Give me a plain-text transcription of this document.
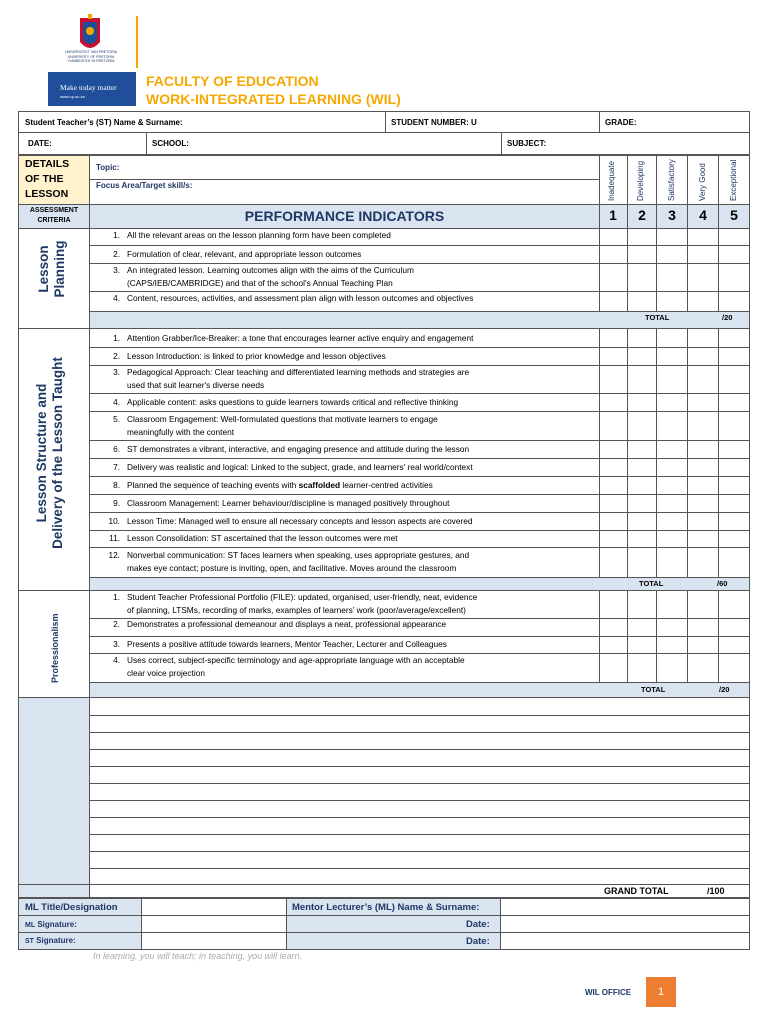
UNIVERSITEIT VAN PRETORIA
UNIVERSITY OF PRETORIA
YUNIBESITHI YA PRETORIA
Make today matter
www.up.ac.za
FACULTY OF EDUCATION
WORK-INTEGRATED LEARNING (WIL)
Student Teacher’s (ST) Name & Surname:	STUDENT NUMBER: U	GRADE:
DATE:	SCHOOL:	SUBJECT:
DETAILS
OF THE
LESSON
Topic:
Focus Area/Target skill/s:	Inadequate	Developing	Satisfactory	Very Good	Exceptional
ASSESSMENT
CRITERIA	PERFORMANCE INDICATORS	1	2	3	4	5
Lesson Planning
1. All the relevant areas on the lesson planning form have been completed
2. Formulation of clear, relevant, and appropriate lesson outcomes
3. An integrated lesson. Learning outcomes align with the aims of the Curriculum
(CAPS/IEB/CAMBRIDGE) and that of the school's Annual Teaching Plan
4. Content, resources, activities, and assessment plan align with lesson outcomes and objectives
TOTAL	/20
Lesson Structure and Delivery of the Lesson Taught
1. Attention Grabber/Ice-Breaker: a tone that encourages learner active enquiry and engagement
2. Lesson Introduction: is linked to prior knowledge and lesson objectives
3. Pedagogical Approach: Clear teaching and differentiated learning methods and strategies are
used that suit learner's diverse needs
4. Applicable content: asks questions to guide learners towards critical and reflective thinking
5. Classroom Engagement: Well-formulated questions that motivate learners to engage
meaningfully with the content
6. ST demonstrates a vibrant, interactive, and engaging presence and attitude during the lesson
7. Delivery was realistic and logical: Linked to the subject, grade, and learners' real world/context
8. Planned the sequence of teaching events with scaffolded learner-centred activities
9. Classroom Management: Learner behaviour/discipline is managed positively throughout
10. Lesson Time: Managed well to ensure all necessary concepts and lesson aspects are covered
11. Lesson Consolidation: ST ascertained that the lesson outcomes were met
12. Nonverbal communication: ST faces learners when speaking, uses appropriate gestures, and
makes eye contact; posture is inviting, open, and facilitative. Moves around the classroom
TOTAL	/60
Professionalism
1. Student Teacher Professional Portfolio (FILE): updated, organised, user-friendly, neat, evidence
of planning, LTSMs, recording of marks, examples of learners’ work (poor/average/excellent)
2. Demonstrates a professional demeanour and displays a neat, professional appearance
3. Presents a positive attitude towards learners, Mentor Teacher, Lecturer and Colleagues
4. Uses correct, subject-specific terminology and age-appropriate language with an acceptable
clear voice projection
TOTAL	/20
GRAND TOTAL	/100
ML Title/Designation	Mentor Lecturer’s (ML) Name & Surname:
ML Signature:	Date:
ST Signature:	Date:
In learning, you will teach; in teaching, you will learn.
WIL OFFICE	1
